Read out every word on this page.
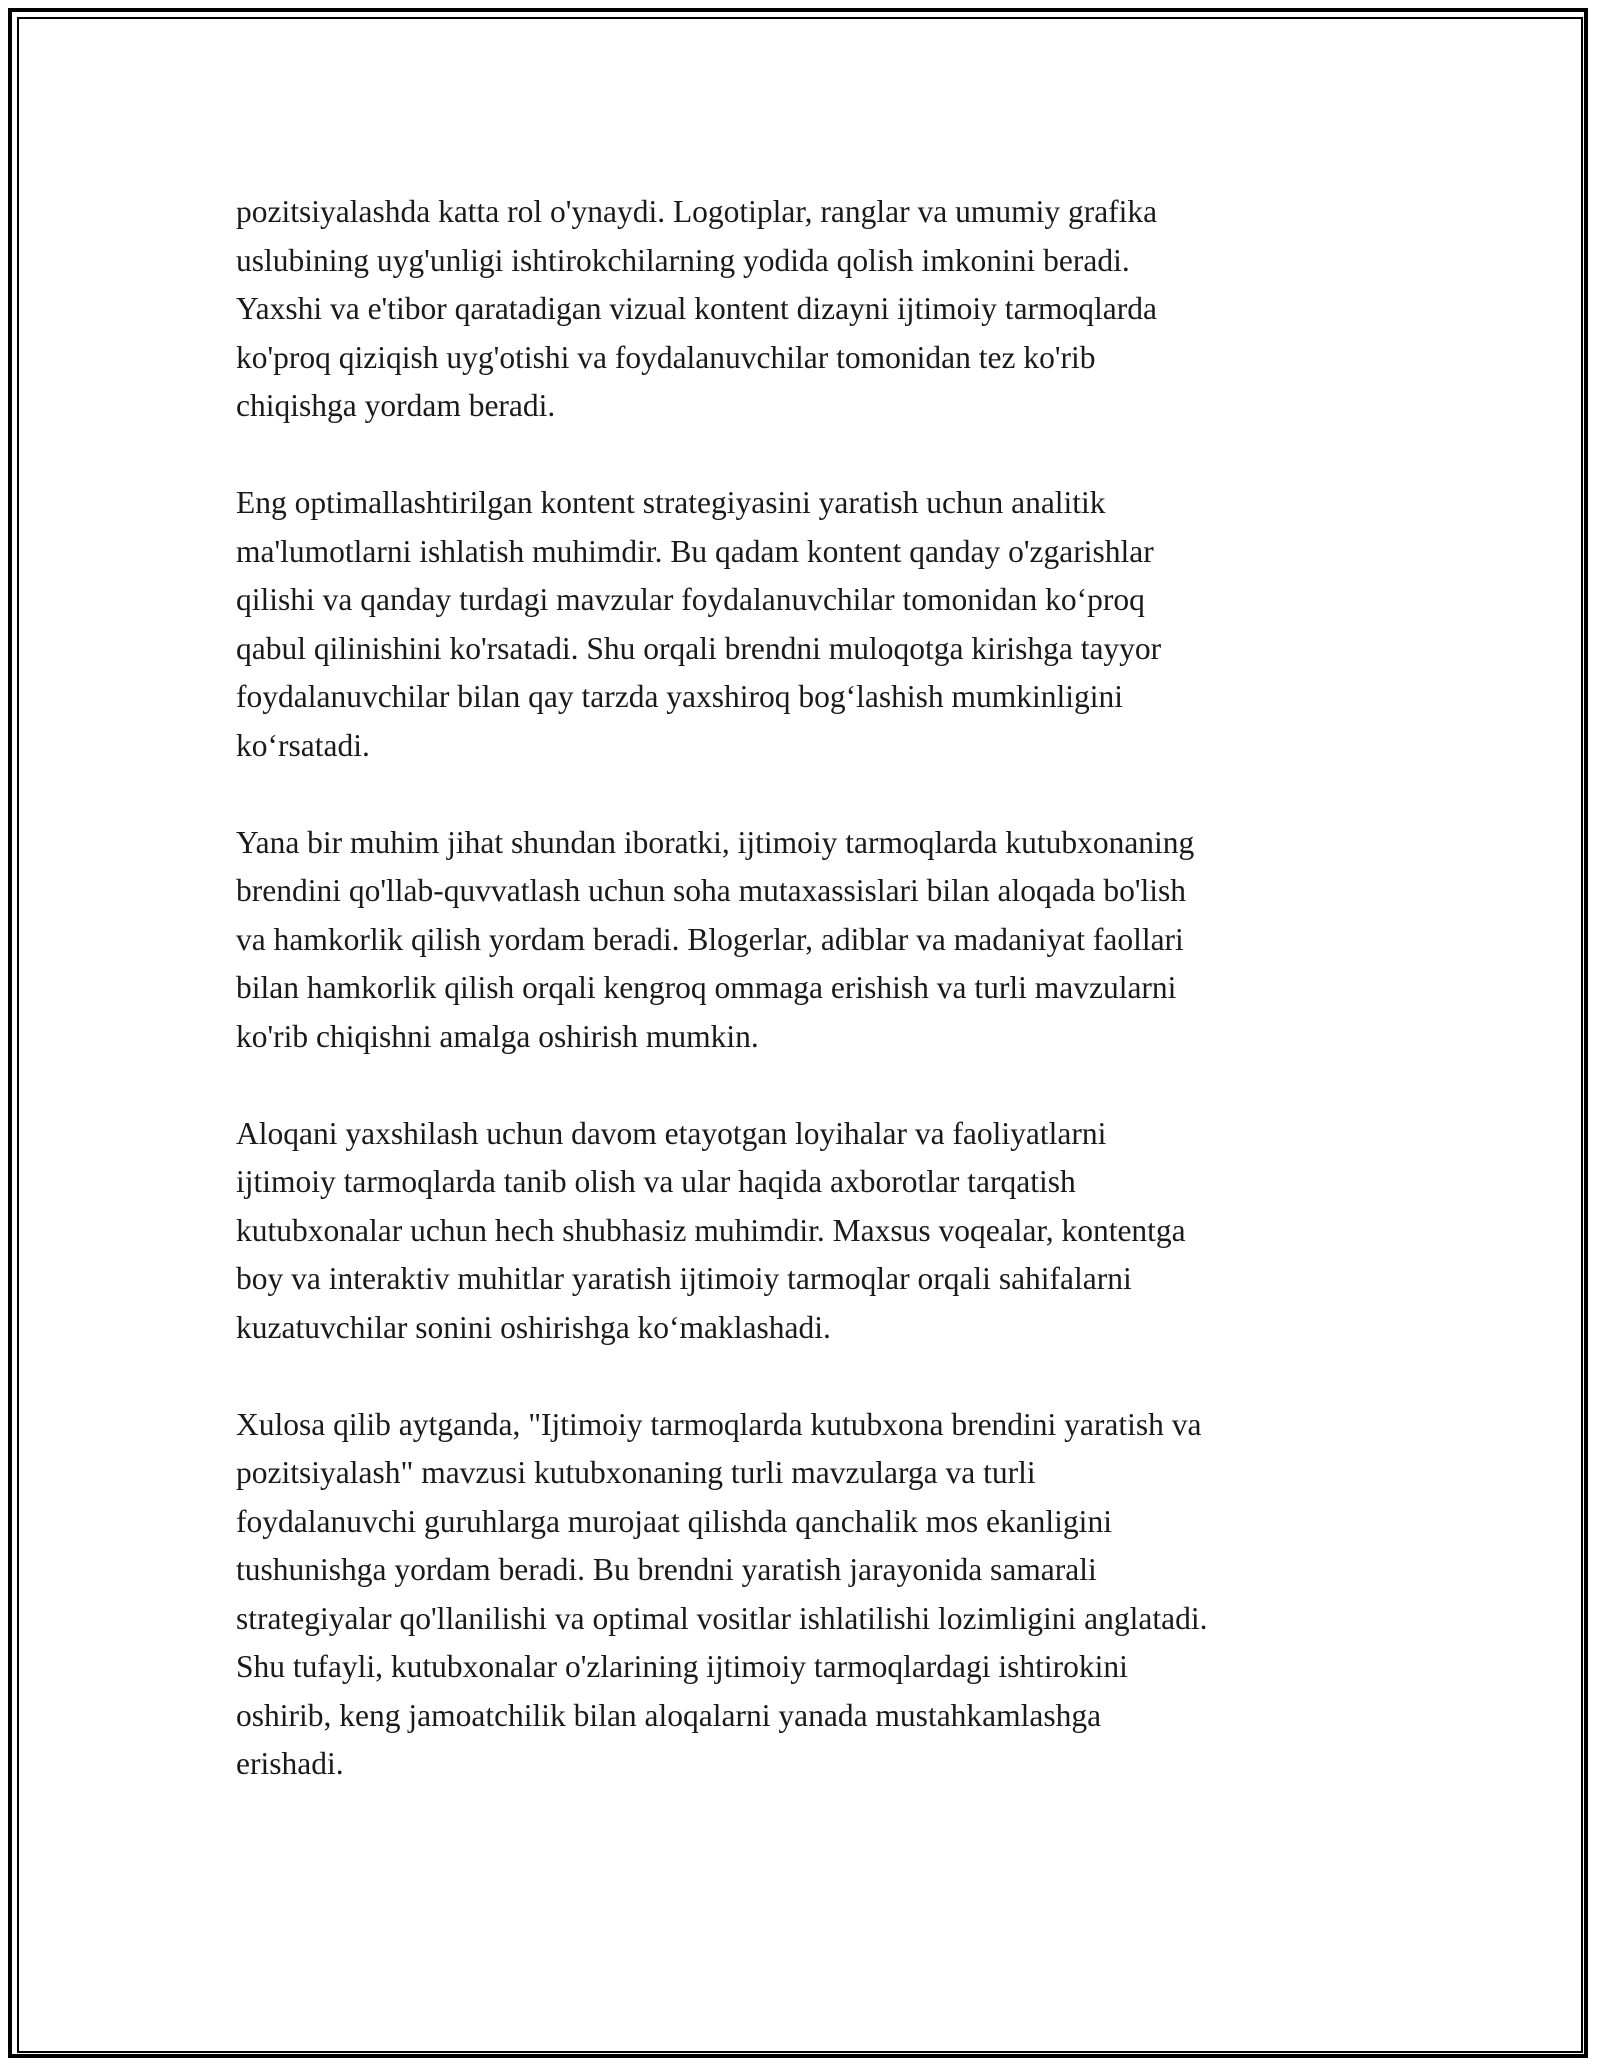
pozitsiyalashda katta rol o'ynaydi. Logotiplar, ranglar va umumiy grafika
uslubining uyg'unligi ishtirokchilarning yodida qolish imkonini beradi.
Yaxshi va e'tibor qaratadigan vizual kontent dizayni ijtimoiy tarmoqlarda
ko'proq qiziqish uyg'otishi va foydalanuvchilar tomonidan tez ko'rib
chiqishga yordam beradi.

Eng optimallashtirilgan kontent strategiyasini yaratish uchun analitik
ma'lumotlarni ishlatish muhimdir. Bu qadam kontent qanday o'zgarishlar
qilishi va qanday turdagi mavzular foydalanuvchilar tomonidan ko‘proq
qabul qilinishini ko'rsatadi. Shu orqali brendni muloqotga kirishga tayyor
foydalanuvchilar bilan qay tarzda yaxshiroq bog‘lashish mumkinligini
ko‘rsatadi.

Yana bir muhim jihat shundan iboratki, ijtimoiy tarmoqlarda kutubxonaning
brendini qo'llab-quvvatlash uchun soha mutaxassislari bilan aloqada bo'lish
va hamkorlik qilish yordam beradi. Blogerlar, adiblar va madaniyat faollari
bilan hamkorlik qilish orqali kengroq ommaga erishish va turli mavzularni
ko'rib chiqishni amalga oshirish mumkin.

Aloqani yaxshilash uchun davom etayotgan loyihalar va faoliyatlarni
ijtimoiy tarmoqlarda tanib olish va ular haqida axborotlar tarqatish
kutubxonalar uchun hech shubhasiz muhimdir. Maxsus voqealar, kontentga
boy va interaktiv muhitlar yaratish ijtimoiy tarmoqlar orqali sahifalarni
kuzatuvchilar sonini oshirishga ko‘maklashadi.

Xulosa qilib aytganda, "Ijtimoiy tarmoqlarda kutubxona brendini yaratish va
pozitsiyalash" mavzusi kutubxonaning turli mavzularga va turli
foydalanuvchi guruhlarga murojaat qilishda qanchalik mos ekanligini
tushunishga yordam beradi. Bu brendni yaratish jarayonida samarali
strategiyalar qo'llanilishi va optimal vositlar ishlatilishi lozimligini anglatadi.
Shu tufayli, kutubxonalar o'zlarining ijtimoiy tarmoqlardagi ishtirokini
oshirib, keng jamoatchilik bilan aloqalarni yanada mustahkamlashga
erishadi.
